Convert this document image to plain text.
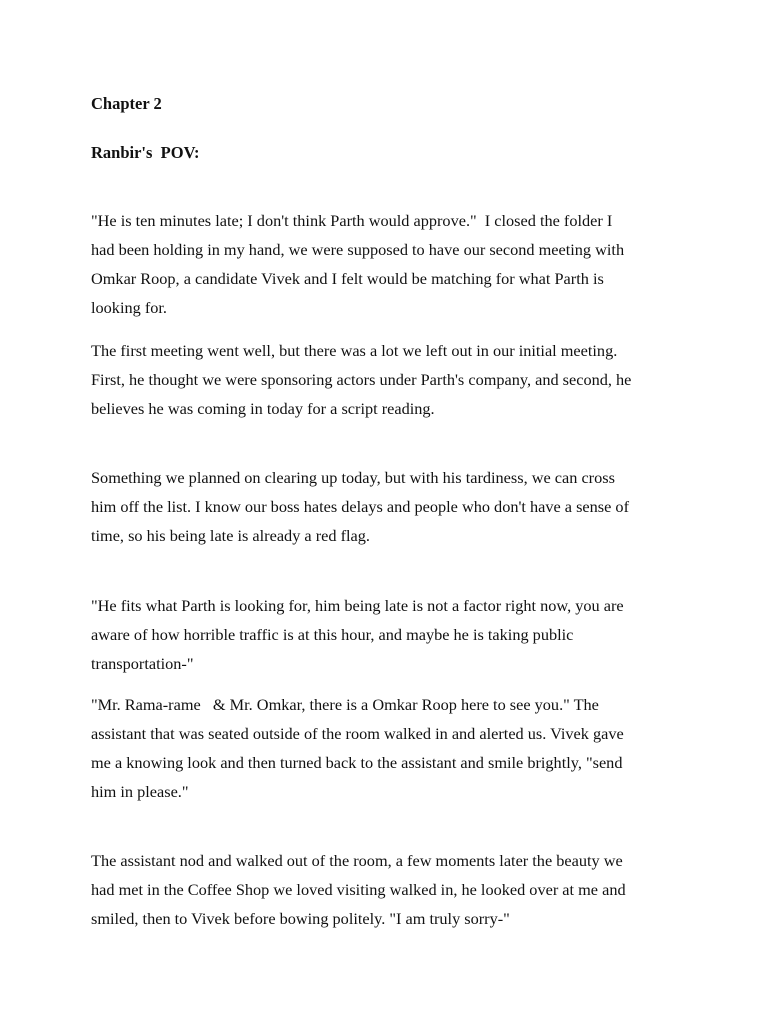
Chapter 2
Ranbir's  POV:

"He is ten minutes late; I don't think Parth would approve."  I closed the folder I
had been holding in my hand, we were supposed to have our second meeting with
Omkar Roop, a candidate Vivek and I felt would be matching for what Parth is
looking for.

The first meeting went well, but there was a lot we left out in our initial meeting.
First, he thought we were sponsoring actors under Parth's company, and second, he
believes he was coming in today for a script reading.

Something we planned on clearing up today, but with his tardiness, we can cross
him off the list. I know our boss hates delays and people who don't have a sense of
time, so his being late is already a red flag.

"He fits what Parth is looking for, him being late is not a factor right now, you are
aware of how horrible traffic is at this hour, and maybe he is taking public
transportation-"

"Mr. Rama-rame   & Mr. Omkar, there is a Omkar Roop here to see you." The
assistant that was seated outside of the room walked in and alerted us. Vivek gave
me a knowing look and then turned back to the assistant and smile brightly, "send
him in please."

The assistant nod and walked out of the room, a few moments later the beauty we
had met in the Coffee Shop we loved visiting walked in, he looked over at me and
smiled, then to Vivek before bowing politely. "I am truly sorry-"
